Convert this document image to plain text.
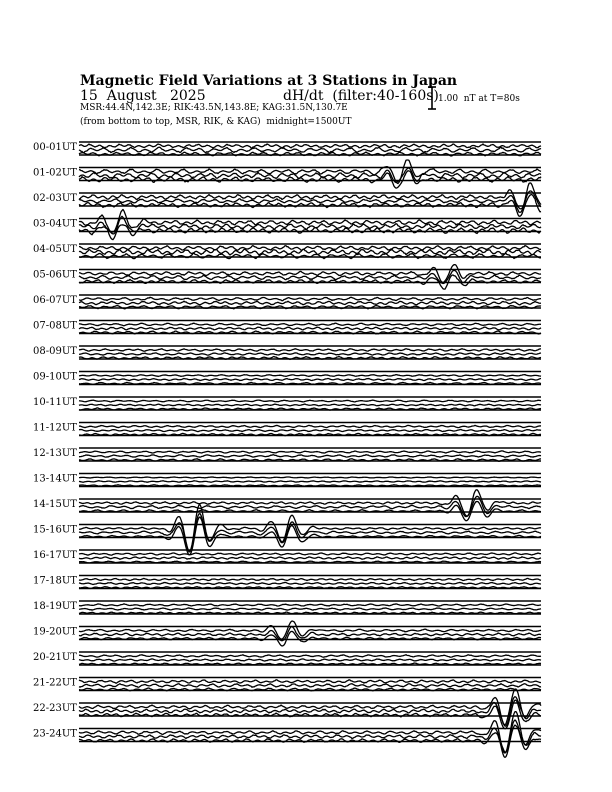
Magnetic Field Variations at 3 Stations in Japan
15  August   2025	dH/dt  (filter:40-160s)
MSR:44.4N,142.3E; RIK:43.5N,143.8E; KAG:31.5N,130.7E
(from bottom to top, MSR, RIK, & KAG)  midnight=1500UT
1.00  nT at T=80s
00-01UT
01-02UT
02-03UT
03-04UT
04-05UT
05-06UT
06-07UT
07-08UT
08-09UT
09-10UT
10-11UT
11-12UT
12-13UT
13-14UT
14-15UT
15-16UT
16-17UT
17-18UT
18-19UT
19-20UT
20-21UT
21-22UT
22-23UT
23-24UT
